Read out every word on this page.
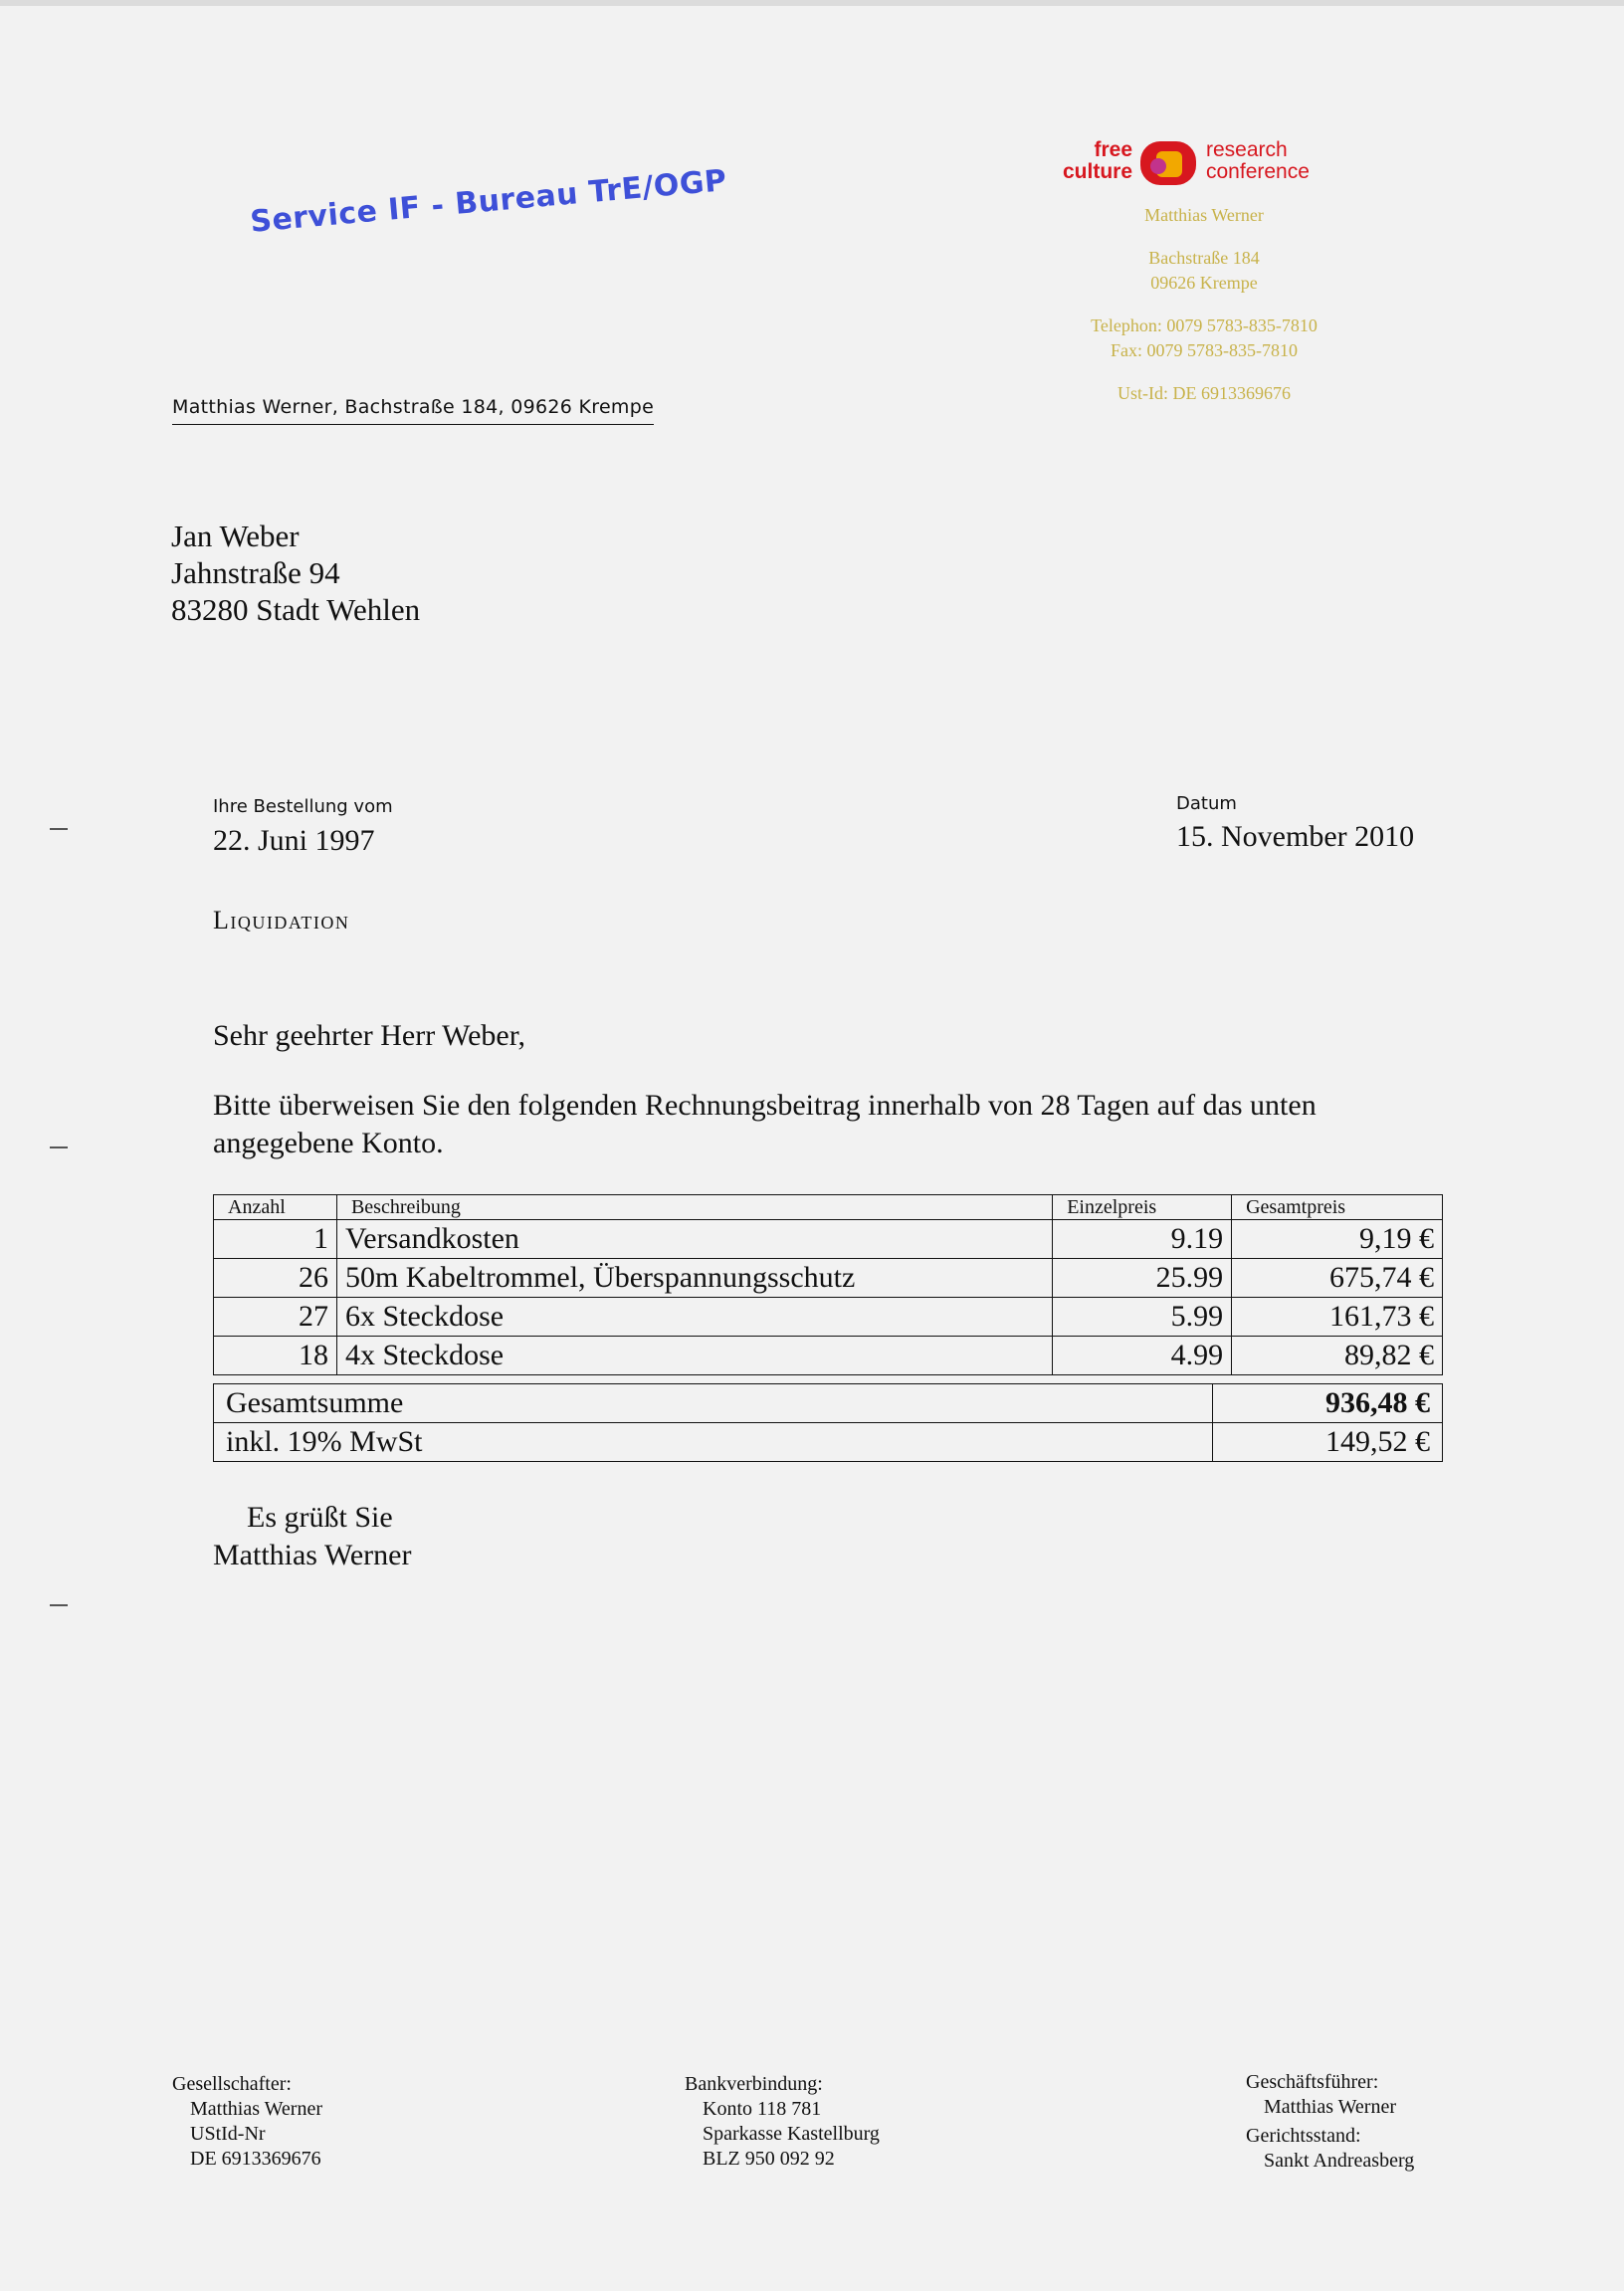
Service IF - Bureau TrE/OGP
free
culture
research
conference
Matthias Werner
Bachstraße 184
09626 Krempe
Telephon: 0079 5783-835-7810
Fax: 0079 5783-835-7810
Ust-Id: DE 6913369676
Matthias Werner, Bachstraße 184, 09626 Krempe
Jan Weber
Jahnstraße 94
83280 Stadt Wehlen
Ihre Bestellung vom
22. Juni 1997
Datum
15. November 2010
Liquidation
Sehr geehrter Herr Weber,
Bitte überweisen Sie den folgenden Rechnungsbeitrag innerhalb von 28 Tagen auf das unten angegebene Konto.
Anzahl	Beschreibung	Einzelpreis	Gesamtpreis
1	Versandkosten	9.19	9,19 €
26	50m Kabeltrommel, Überspannungsschutz	25.99	675,74 €
27	6x Steckdose	5.99	161,73 €
18	4x Steckdose	4.99	89,82 €
Gesamtsumme	936,48 €
inkl. 19% MwSt	149,52 €
Es grüßt Sie
Matthias Werner
Gesellschafter:
Matthias Werner
UStId-Nr
DE 6913369676
Bankverbindung:
Konto 118 781
Sparkasse Kastellburg
BLZ 950 092 92
Geschäftsführer:
Matthias Werner
Gerichtsstand:
Sankt Andreasberg
